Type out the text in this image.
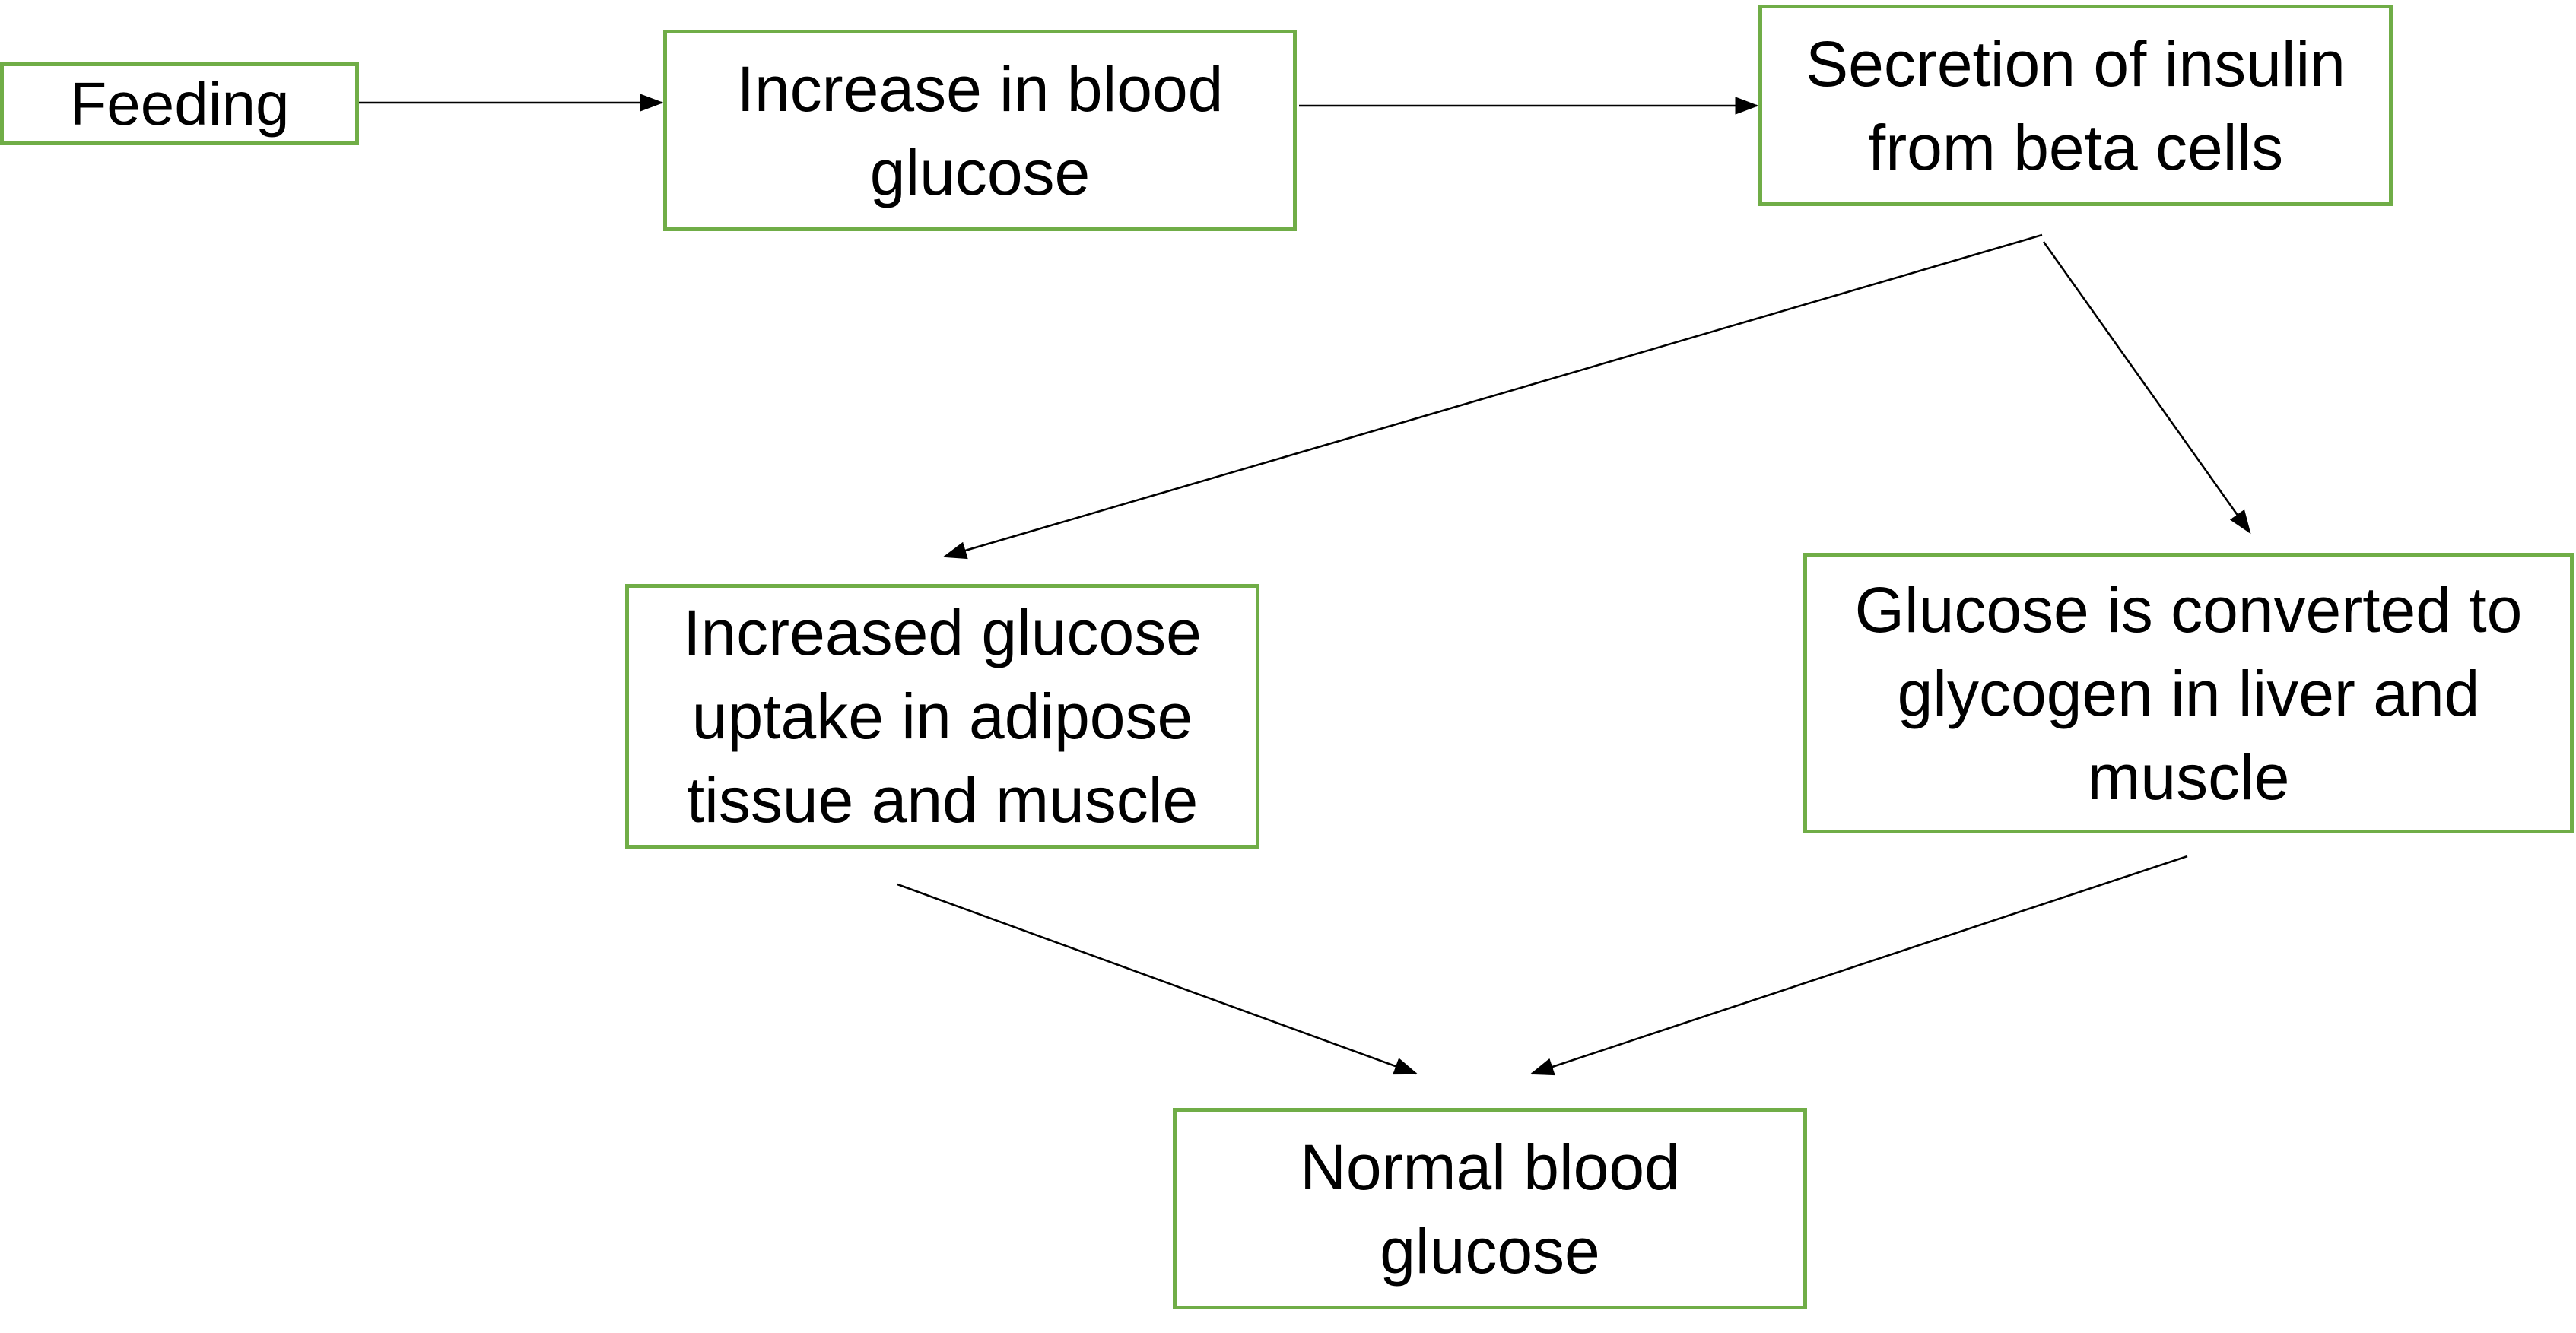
Feeding	Increase in blood
glucose
Secretion of insulin
from beta cells
Increased glucose
uptake in adipose
tissue and muscle
Glucose is converted to
glycogen in liver and
muscle
Normal blood
glucose
